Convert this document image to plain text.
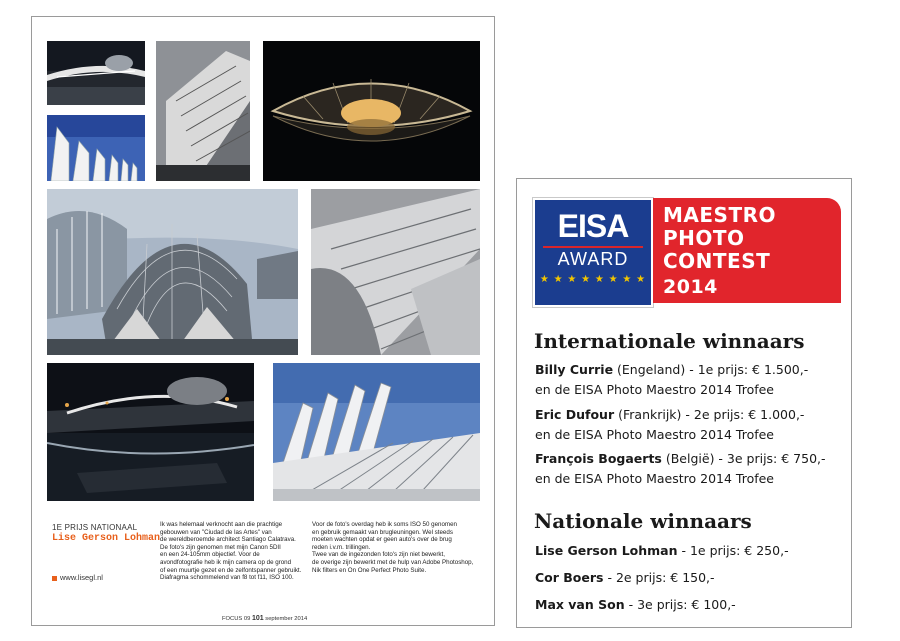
1E PRIJS NATIONAAL
Lise Gerson Lohman
Ik was helemaal verknocht aan die prachtige
gebouwen van "Ciudad de las Artes" van
de wereldberoemde architect Santiago Calatrava.
De foto's zijn genomen met mijn Canon 5DII
en een 24-105mm objectief. Voor de
avondfotografie heb ik mijn camera op de grond
of een muurtje gezet en de zelfontspanner gebruikt.
Diafragma schommelend van f8 tot f11, ISO 100.
Voor de foto's overdag heb ik soms ISO 50 genomen
en gebruik gemaakt van brugleuningen. Wel steeds
moeten wachten opdat er geen auto's over de brug
reden i.v.m. trillingen.
Twee van de ingezonden foto's zijn niet bewerkt,
de overige zijn bewerkt met de hulp van Adobe Photoshop,
Nik filters en On One Perfect Photo Suite.
www.lisegl.nl
FOCUS 09 101 september 2014
EISA
AWARD
★ ★ ★ ★ ★ ★ ★ ★
MAESTRO
PHOTO
CONTEST
2014
Internationale winnaars
Billy Currie (Engeland) - 1e prijs: € 1.500,-
en de EISA Photo Maestro 2014 Trofee
Eric Dufour (Frankrijk) - 2e prijs: € 1.000,-
en de EISA Photo Maestro 2014 Trofee
François Bogaerts (België) - 3e prijs: € 750,-
en de EISA Photo Maestro 2014 Trofee
Nationale winnaars
Lise Gerson Lohman - 1e prijs: € 250,-
Cor Boers - 2e prijs: € 150,-
Max van Son - 3e prijs: € 100,-
